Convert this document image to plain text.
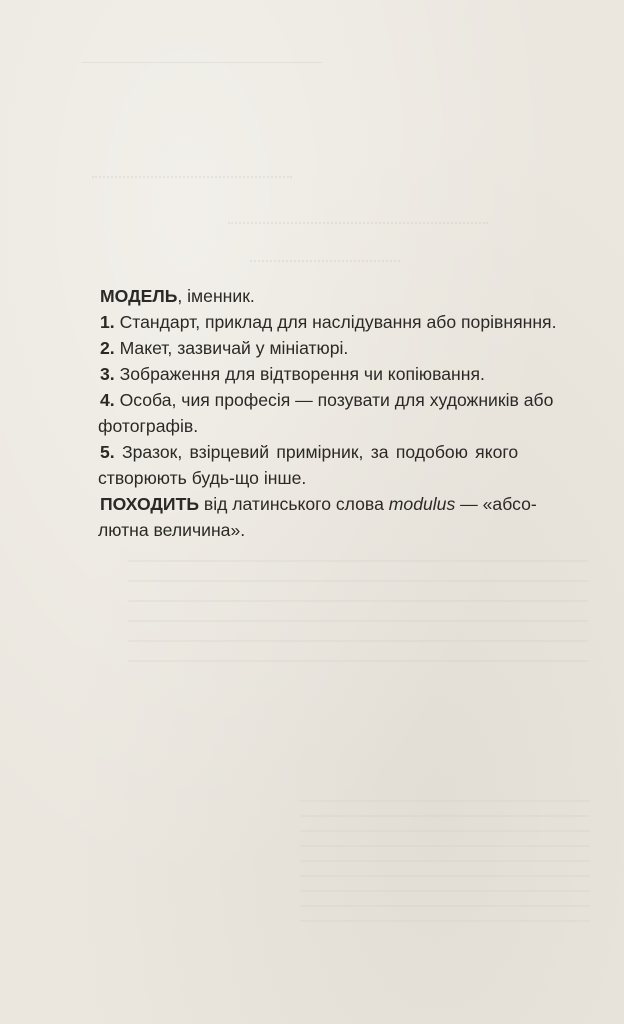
МОДЕЛЬ, іменник.

1. Стандарт, приклад для наслідування або порівняння.

2. Макет, зазвичай у мініатюрі.

3. Зображення для відтворення чи копіювання.

4. Особа, чия професія — позувати для художників або
фотографів.

5. Зразок, взірцевий примірник, за подобою якого
створюють будь-що інше.

ПОХОДИТЬ від латинського слова modulus — «абсо-
лютна величина».
